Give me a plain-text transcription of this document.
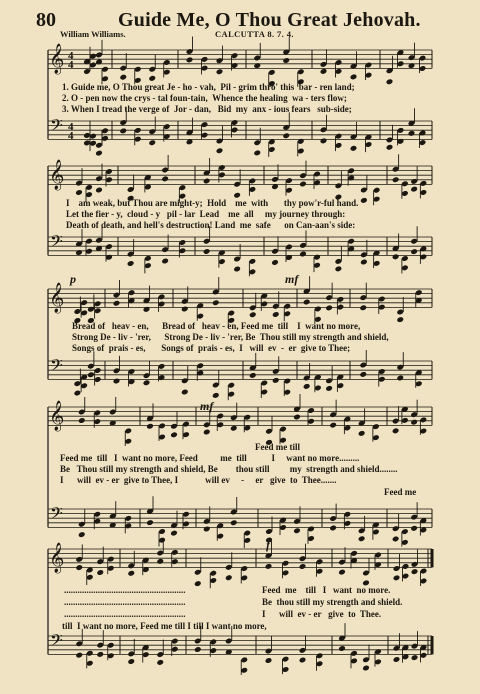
80	Guide Me, O Thou Great Jehovah.
William Williams.	CALCUTTA 8. 7. 4.
𝄞
𝄢
4
4
4
4
𝄞
𝄢
𝄞
𝄢
𝄞
𝄢
𝄞
𝄢
1. Guide me, O Thou great Je - ho - vah,  Pil - grim thro' this  bar - ren land;
2. O - pen now the crys - tal foun-tain,  Whence the healing  wa - ters flow;
3. When I tread the verge of  Jor - dan,   Bid  my  anx - ious fears   sub-side;
I    am weak, but Thou are might-y;  Hold    me  with       thy pow'r-ful hand.
Let the fier - y,  cloud - y   pil - lar  Lead    me  all     my journey through:
Death of death, and hell's destruction! Land  me  safe      on Can-aan's side:
p	mf
Bread of   heav - en,      Bread of   heav - en, Feed me  till    I  want no more,
Strong De - liv - 'rer,      Strong De - liv - 'rer, Be  Thou still my strength and shield,
Songs of  prais - es,       Songs of  prais - es,  I   will  ev  -  er  give to Thee;
mf
Feed me till
Feed me  till   I  want no more, Feed          me  till           I     want no more.........
Be   Thou still my strength and shield, Be        thou still         my  strength and shield........
I      will  ev - er  give to Thee, I            will ev     -     er   give  to  Thee.......
Feed me
f
......................................................
......................................................
......................................................
Feed  me    till   I   want  no more.
Be  thou still my strength and shield.
I      will  ev - er   give  to  Thee.
till  I want no more, Feed me till I till I want no more,
